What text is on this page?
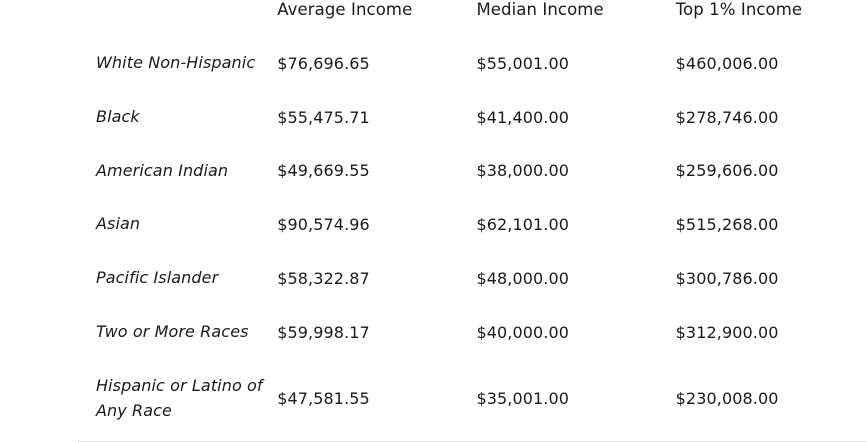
	Average Income	Median Income	Top 1% Income
White Non-Hispanic	$76,696.65	$55,001.00	$460,006.00
Black	$55,475.71	$41,400.00	$278,746.00
American Indian	$49,669.55	$38,000.00	$259,606.00
Asian	$90,574.96	$62,101.00	$515,268.00
Pacific Islander	$58,322.87	$48,000.00	$300,786.00
Two or More Races	$59,998.17	$40,000.00	$312,900.00
Hispanic or Latino of Any Race	$47,581.55	$35,001.00	$230,008.00
